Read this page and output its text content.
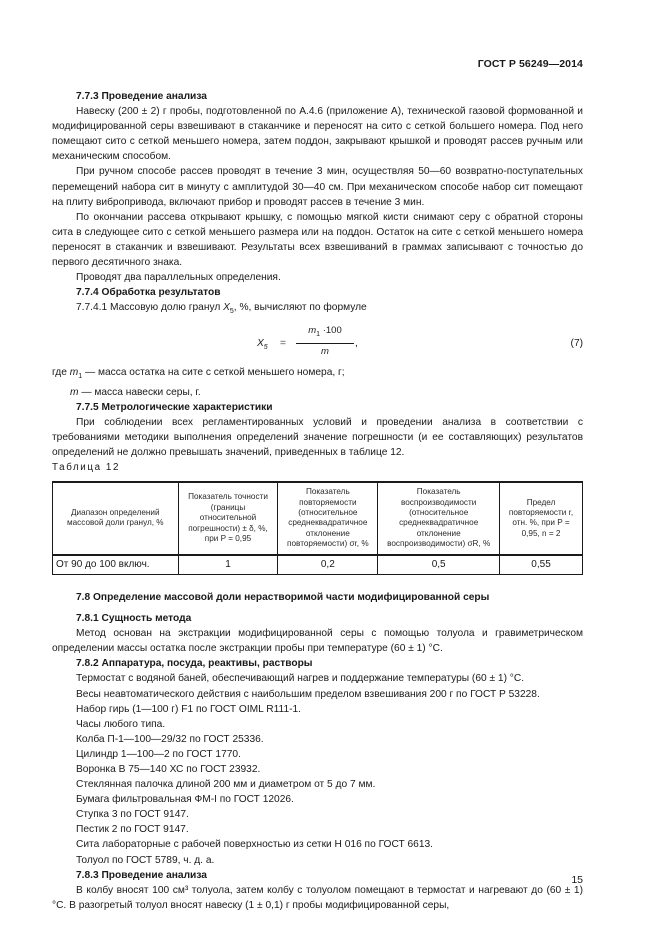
ГОСТ Р 56249—2014

7.7.3 Проведение анализа

Навеску (200 ± 2) г пробы, подготовленной по А.4.6 (приложение А), технической газовой формованной и модифицированной серы взвешивают в стаканчике и переносят на сито с сеткой большего номера. Под него помещают сито с сеткой меньшего номера, затем поддон, закрывают крышкой и проводят рассев ручным или механическим способом.

При ручном способе рассев проводят в течение 3 мин, осуществляя 50—60 возвратно-поступательных перемещений набора сит в минуту с амплитудой 30—40 см. При механическом способе набор сит помещают на плиту вибропривода, включают прибор и проводят рассев в течение 3 мин.

По окончании рассева открывают крышку, с помощью мягкой кисти снимают серу с обратной стороны сита в следующее сито с сеткой меньшего размера или на поддон. Остаток на сите с сеткой меньшего номера переносят в стаканчик и взвешивают. Результаты всех взвешиваний в граммах записывают с точностью до первого десятичного знака.

Проводят два параллельных определения.

7.7.4 Обработка результатов

7.7.4.1 Массовую долю гранул $X_5$, %, вычисляют по формуле

$X_5$ =
$m_1 \cdot 100$
m
,	(7)

где $m_1$ — масса остатка на сите с сеткой меньшего номера, г;

m — масса навески серы, г.

7.7.5 Метрологические характеристики

При соблюдении всех регламентированных условий и проведении анализа в соответствии с требованиями методики выполнения определений значение погрешности (и ее составляющих) результатов определений не должно превышать значений, приведенных в таблице 12.

Таблица 12

Диапазон определений массовой доли гранул, %	Показатель точности (границы относительной погрешности) ± δ, %, при P = 0,95	Показатель повторяемости (относительное среднеквадратичное отклонение повторяемости) σr, %	Показатель воспроизводимости (относительное среднеквадратичное отклонение воспроизводимости) σR, %	Предел повторяемости r, отн. %, при P = 0,95, n = 2
От 90 до 100 включ.	1	0,2	0,5	0,55

7.8 Определение массовой доли нерастворимой части модифицированной серы

7.8.1 Сущность метода

Метод основан на экстракции модифицированной серы с помощью толуола и гравиметрическом определении массы остатка после экстракции пробы при температуре (60 ± 1) °С.

7.8.2 Аппаратура, посуда, реактивы, растворы

Термостат с водяной баней, обеспечивающий нагрев и поддержание температуры (60 ± 1) °С.

Весы неавтоматического действия с наибольшим пределом взвешивания 200 г по ГОСТ Р 53228.

Набор гирь (1—100 г) F1 по ГОСТ OIML R111-1.

Часы любого типа.

Колба П-1—100—29/32 по ГОСТ 25336.

Цилиндр 1—100—2 по ГОСТ 1770.

Воронка В 75—140 ХС по ГОСТ 23932.

Стеклянная палочка длиной 200 мм и диаметром от 5 до 7 мм.

Бумага фильтровальная ФМ-I по ГОСТ 12026.

Ступка 3 по ГОСТ 9147.

Пестик 2 по ГОСТ 9147.

Сита лабораторные с рабочей поверхностью из сетки Н 016 по ГОСТ 6613.

Толуол по ГОСТ 5789, ч. д. а.

7.8.3 Проведение анализа

В колбу вносят 100 см³ толуола, затем колбу с толуолом помещают в термостат и нагревают до (60 ± 1) °С. В разогретый толуол вносят навеску (1 ± 0,1) г пробы модифицированной серы,

15
